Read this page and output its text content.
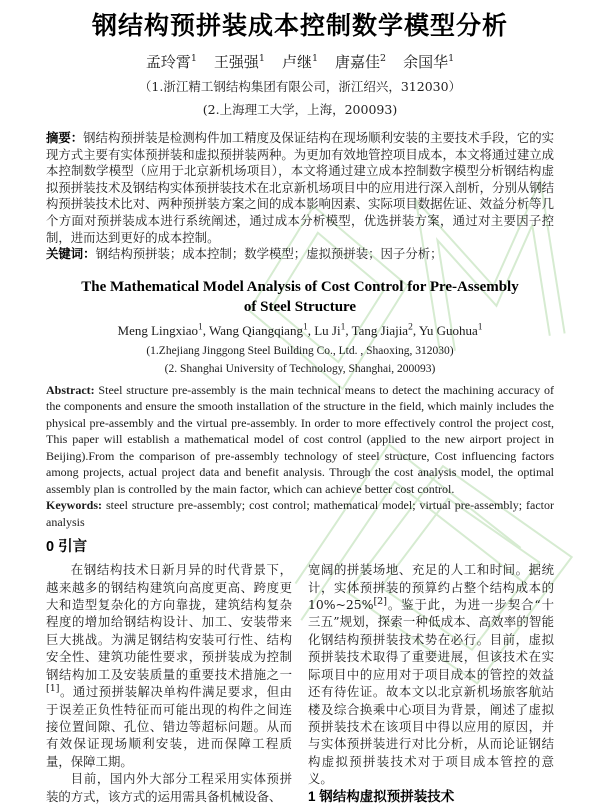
钢结构预拼装成本控制数学模型分析
孟玲霄$^1$ 王强强$^1$ 卢继$^1$ 唐嘉佳$^2$ 余国华$^1$
（1.浙江精工钢结构集团有限公司，浙江绍兴，312030）
(2.上海理工大学，上海，200093)

摘要：钢结构预拼装是检测构件加工精度及保证结构在现场顺利安装的主要技术手段，它的实现方式主要有实体预拼装和虚拟预拼装两种。为更加有效地管控项目成本，本文将通过建立成本控制数学模型（应用于北京新机场项目），本文将通过建立成本控制数字模型分析钢结构虚拟预拼装技术及钢结构实体预拼装技术在北京新机场项目中的应用进行深入剖析，分别从钢结构预拼装技术比对、两种预拼装方案之间的成本影响因素、实际项目数据佐证、效益分析等几个方面对预拼装成本进行系统阐述，通过成本分析模型，优选拼装方案，通过对主要因子控制，进而达到更好的成本控制。

关键词：钢结构预拼装；成本控制；数学模型；虚拟预拼装；因子分析；

The Mathematical Model Analysis of Cost Control for Pre-Assembly of Steel Structure
Meng Lingxiao$^1$, Wang Qiangqiang$^1$, Lu Ji$^1$, Tang Jiajia$^2$, Yu Guohua$^1$
(1.Zhejiang Jinggong Steel Building Co., Ltd. , Shaoxing, 312030)
(2. Shanghai University of Technology, Shanghai, 200093)

Abstract: Steel structure pre-assembly is the main technical means to detect the machining accuracy of the components and ensure the smooth installation of the structure in the field, which mainly includes the physical pre-assembly and the virtual pre-assembly. In order to more effectively control the project cost, This paper will establish a mathematical model of cost control (applied to the new airport project in Beijing).From the comparison of pre-assembly technology of steel structure, Cost influencing factors among projects, actual project data and benefit analysis. Through the cost analysis model, the optimal assembly plan is controlled by the main factor, which can achieve better cost control.

Keywords: steel structure pre-assembly; cost control; mathematical model; virtual pre-assembly; factor analysis

0 引言

在钢结构技术日新月异的时代背景下，越来越多的钢结构建筑向高度更高、跨度更大和造型复杂化的方向靠拢，建筑结构复杂程度的增加给钢结构设计、加工、安装带来巨大挑战。为满足钢结构安装可行性、结构安全性、建筑功能性要求，预拼装成为控制钢结构加工及安装质量的重要技术措施之一[1]。通过预拼装解决单构件满足要求，但由于误差正负性特征而可能出现的构件之间连接位置间隙、孔位、错边等超标问题。从而有效保证现场顺利安装，进而保障工程质量，保障工期。

目前，国内外大部分工程采用实体预拼装的方式，该方式的运用需具备机械设备、

宽阔的拼装场地、充足的人工和时间。据统计，实体预拼装的预算约占整个结构成本的10%~25%[2]。鉴于此，为进一步契合“十三五”规划，探索一种低成本、高效率的智能化钢结构预拼装技术势在必行。目前，虚拟预拼装技术取得了重要进展，但该技术在实际项目中的应用对于项目成本的管控的效益还有待佐证。故本文以北京新机场旅客航站楼及综合换乘中心项目为背景，阐述了虚拟预拼装技术在该项目中得以应用的原因，并与实体预拼装进行对比分析，从而论证钢结构虚拟预拼装技术对于项目成本管控的意义。

1 钢结构虚拟预拼装技术
